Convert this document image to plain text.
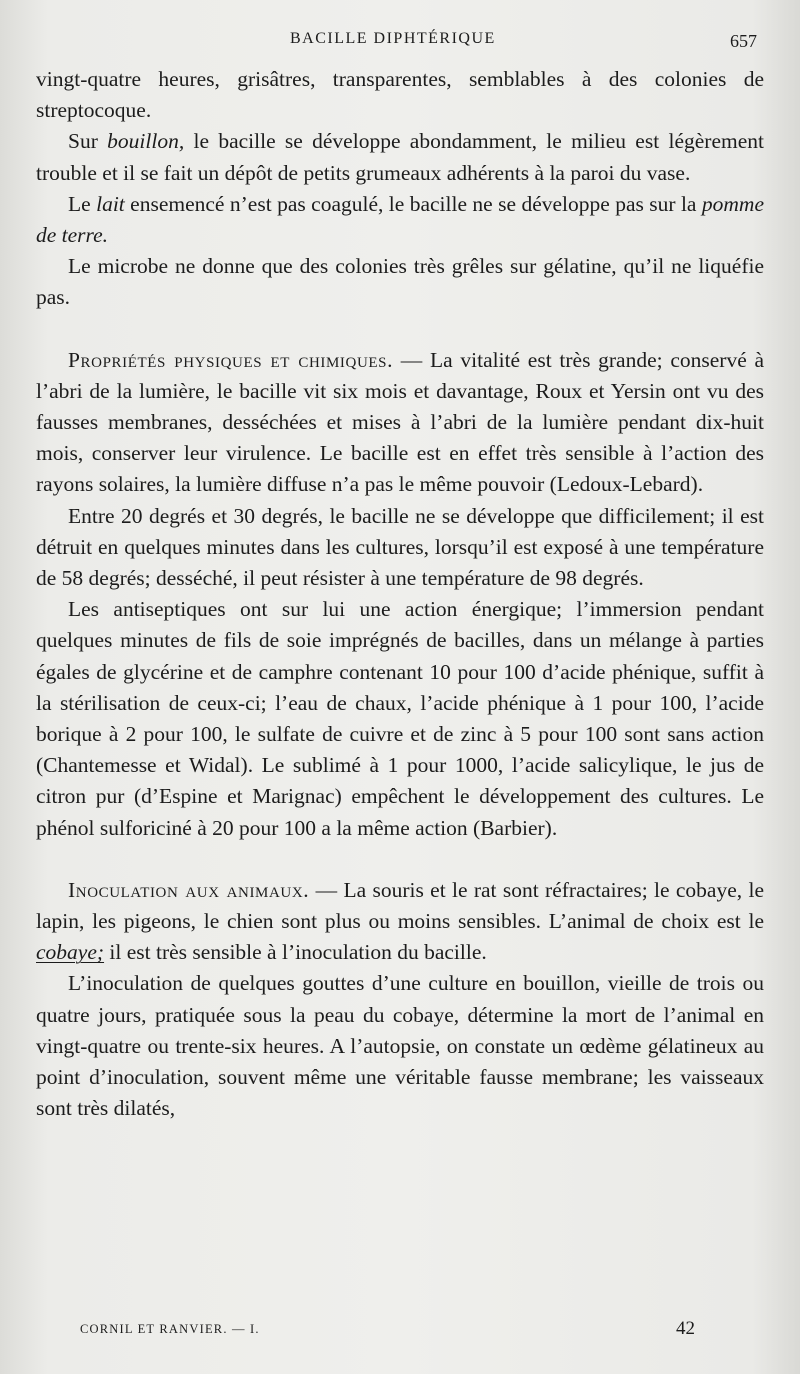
BACILLE DIPHTÉRIQUE	657

vingt-quatre heures, grisâtres, transparentes, semblables à des colonies de streptocoque.

Sur bouillon, le bacille se développe abondamment, le milieu est légèrement trouble et il se fait un dépôt de petits grumeaux adhérents à la paroi du vase.

Le lait ensemencé n’est pas coagulé, le bacille ne se développe pas sur la pomme de terre.

Le microbe ne donne que des colonies très grêles sur gélatine, qu’il ne liquéfie pas.

Propriétés physiques et chimiques. — La vitalité est très grande; conservé à l’abri de la lumière, le bacille vit six mois et davantage, Roux et Yersin ont vu des fausses membranes, desséchées et mises à l’abri de la lumière pendant dix-huit mois, conserver leur virulence. Le bacille est en effet très sensible à l’action des rayons solaires, la lumière diffuse n’a pas le même pouvoir (Ledoux-Lebard).

Entre 20 degrés et 30 degrés, le bacille ne se développe que difficilement; il est détruit en quelques minutes dans les cultures, lorsqu’il est exposé à une température de 58 degrés; desséché, il peut résister à une température de 98 degrés.

Les antiseptiques ont sur lui une action énergique; l’immersion pendant quelques minutes de fils de soie imprégnés de bacilles, dans un mélange à parties égales de glycérine et de camphre contenant 10 pour 100 d’acide phénique, suffit à la stérilisation de ceux-ci; l’eau de chaux, l’acide phénique à 1 pour 100, l’acide borique à 2 pour 100, le sulfate de cuivre et de zinc à 5 pour 100 sont sans action (Chantemesse et Widal). Le sublimé à 1 pour 1000, l’acide salicylique, le jus de citron pur (d’Espine et Marignac) empêchent le développement des cultures. Le phénol sulforiciné à 20 pour 100 a la même action (Barbier).

Inoculation aux animaux. — La souris et le rat sont réfractaires; le cobaye, le lapin, les pigeons, le chien sont plus ou moins sensibles. L’animal de choix est le cobaye; il est très sensible à l’inoculation du bacille.

L’inoculation de quelques gouttes d’une culture en bouillon, vieille de trois ou quatre jours, pratiquée sous la peau du cobaye, détermine la mort de l’animal en vingt-quatre ou trente-six heures. A l’autopsie, on constate un œdème gélatineux au point d’inoculation, souvent même une véritable fausse membrane; les vaisseaux sont très dilatés,

CORNIL ET RANVIER. — I.	42
